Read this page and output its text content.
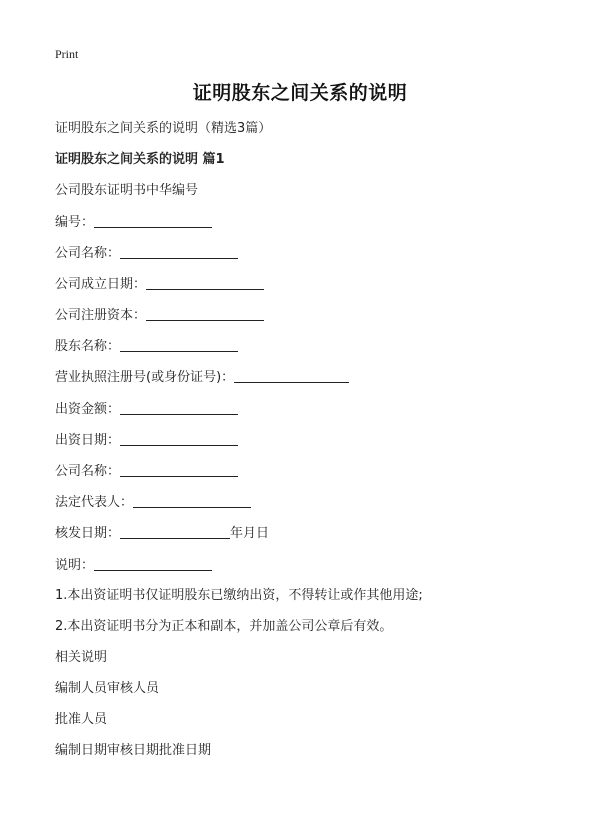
Print
证明股东之间关系的说明
证明股东之间关系的说明（精选3篇）
证明股东之间关系的说明 篇1
公司股东证明书中华编号
编号：
公司名称：
公司成立日期：
公司注册资本：
股东名称：
营业执照注册号(或身份证号)：
出资金额：
出资日期：
公司名称：
法定代表人：
核发日期：	年月日
说明：
1.本出资证明书仅证明股东已缴纳出资，不得转让或作其他用途;
2.本出资证明书分为正本和副本，并加盖公司公章后有效。
相关说明
编制人员审核人员
批准人员
编制日期审核日期批准日期
